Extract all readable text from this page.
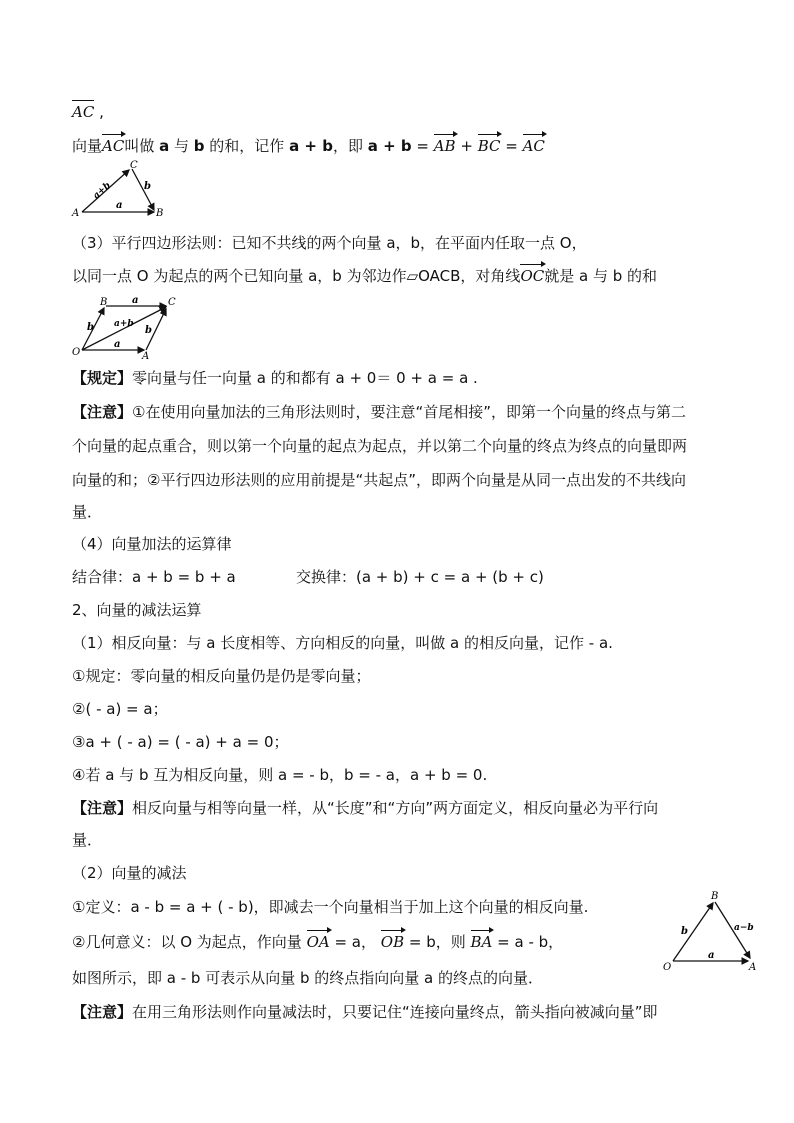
AC ,
向量AC叫做 a 与 b 的和，记作 a + b，即 a + b = AB + BC = AC
A	B
C
a
b
a+b
（3）平行四边形法则：已知不共线的两个向量 a，b，在平面内任取一点 O，
以同一点 O 为起点的两个已知向量 a，b 为邻边作▱OACB，对角线OC就是 a 与 b 的和
O	A
B	C
a
a
b	b
a+b
【规定】零向量与任一向量 a 的和都有 a + 0＝ 0 + a = a .
【注意】①在使用向量加法的三角形法则时，要注意“首尾相接”，即第一个向量的终点与第二
个向量的起点重合，则以第一个向量的起点为起点，并以第二个向量的终点为终点的向量即两
向量的和；②平行四边形法则的应用前提是“共起点”，即两个向量是从同一点出发的不共线向
量．
（4）向量加法的运算律
结合律：a + b = b + a	交换律：(a + b) + c = a + (b + c)
2、向量的减法运算
（1）相反向量：与 a 长度相等、方向相反的向量，叫做 a 的相反向量，记作 - a.
①规定：零向量的相反向量仍是仍是零向量；
②( - a) = a；
③a + ( - a) = ( - a) + a = 0；
④若 a 与 b 互为相反向量，则 a = - b，b = - a，a + b = 0.
【注意】相反向量与相等向量一样，从“长度”和“方向”两方面定义，相反向量必为平行向
量．
（2）向量的减法
①定义：a - b = a + ( - b)，即减去一个向量相当于加上这个向量的相反向量.
②几何意义：以 O 为起点，作向量 OA = a， OB = b，则 BA = a - b，
O	A
B
a
b	a−b
如图所示，即 a - b 可表示从向量 b 的终点指向向量 a 的终点的向量．
【注意】在用三角形法则作向量减法时，只要记住“连接向量终点，箭头指向被减向量”即
